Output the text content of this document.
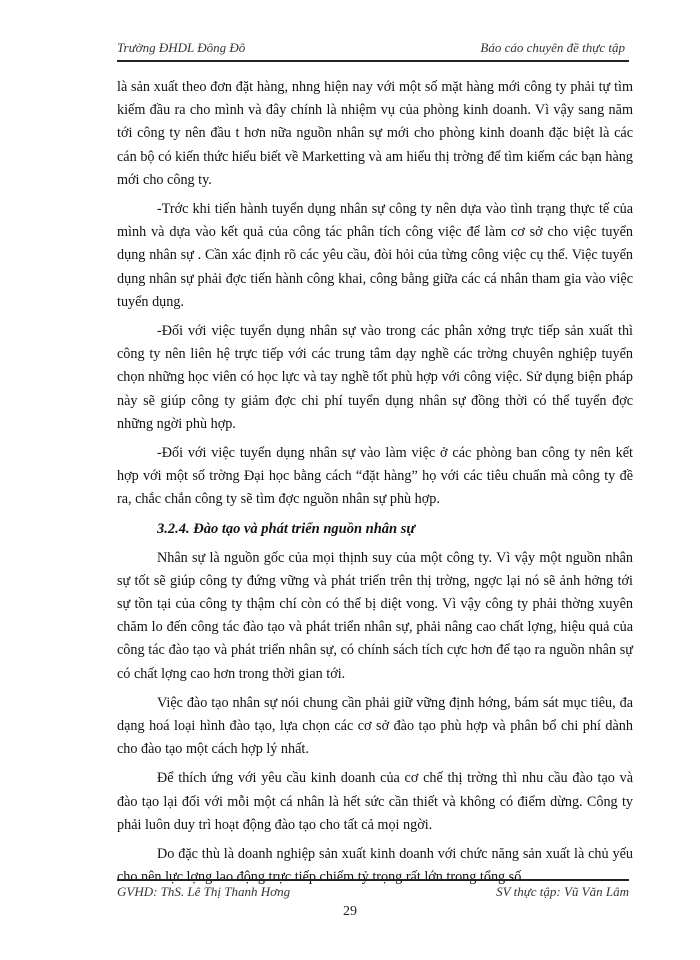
Trường ĐHDL Đông Đô	Báo cáo chuyên đề thực tập

là sản xuất theo đơn đặt hàng, nhng hiện nay với một số mặt hàng mới công ty phải tự tìm kiếm đầu ra cho mình và đây chính là nhiệm vụ của phòng kinh doanh. Vì vậy sang năm tới công ty nên đầu t hơn nữa nguồn nhân sự mới cho phòng kinh doanh đặc biệt là các cán bộ có kiến thức hiểu biết về Marketting và am hiểu thị trờng để tìm kiếm các bạn hàng mới cho công ty.

-Trớc khi tiến hành tuyển dụng nhân sự công ty nên dựa vào tình trạng thực tế của mình và dựa vào kết quả của công tác phân tích công việc để làm cơ sở cho việc tuyển dụng nhân sự . Cần xác định rõ các yêu cầu, đòi hỏi của từng công việc cụ thể. Việc tuyển dụng nhân sự phải đợc tiến hành công khai, công bằng giữa các cá nhân tham gia vào việc tuyển dụng.

-Đối với việc tuyển dụng nhân sự vào trong các phân xởng trực tiếp sản xuất thì công ty nên liên hệ trực tiếp với các trung tâm dạy nghề các trờng chuyên nghiệp tuyển chọn những học viên có học lực và tay nghề tốt phù hợp với công việc. Sử dụng biện pháp này sẽ giúp công ty giảm đợc chi phí tuyển dụng nhân sự đồng thời có thể tuyển đợc những ngời phù hợp.

-Đối với việc tuyển dụng nhân sự vào làm việc ở các phòng ban công ty nên kết hợp với một số trờng Đại học bằng cách “đặt hàng” họ với các tiêu chuẩn mà công ty đề ra, chắc chắn công ty sẽ tìm đợc nguồn nhân sự phù hợp.

3.2.4. Đào tạo và phát triển nguồn nhân sự

Nhân sự là nguồn gốc của mọi thịnh suy của một công ty. Vì vậy một nguồn nhân sự tốt sẽ giúp công ty đứng vững và phát triển trên thị trờng, ngợc lại nó sẽ ảnh hởng tới sự tồn tại của công ty thậm chí còn có thể bị diệt vong. Vì vậy công ty phải thờng xuyên chăm lo đến công tác đào tạo và phát triển nhân sự, phải nâng cao chất lợng, hiệu quả của công tác đào tạo và phát triển nhân sự, có chính sách tích cực hơn để tạo ra nguồn nhân sự có chất lợng cao hơn trong thời gian tới.

Việc đào tạo nhân sự nói chung cần phải giữ vững định hớng, bám sát mục tiêu, đa dạng hoá loại hình đào tạo, lựa chọn các cơ sở đào tạo phù hợp và phân bổ chi phí dành cho đào tạo một cách hợp lý nhất.

Để thích ứng với yêu cầu kinh doanh của cơ chế thị trờng thì nhu cầu đào tạo và đào tạo lại đối với mỗi một cá nhân là hết sức cần thiết và không có điểm dừng. Công ty phải luôn duy trì hoạt động đào tạo cho tất cả mọi ngời.

Do đặc thù là doanh nghiệp sản xuất kinh doanh với chức năng sản xuất là chủ yếu cho nên lực lợng lao động trực tiếp chiếm tỷ trọng rất lớn trong tổng số

GVHD: ThS. Lê Thị Thanh Hơng	SV thực tập: Vũ Văn Lâm
29
